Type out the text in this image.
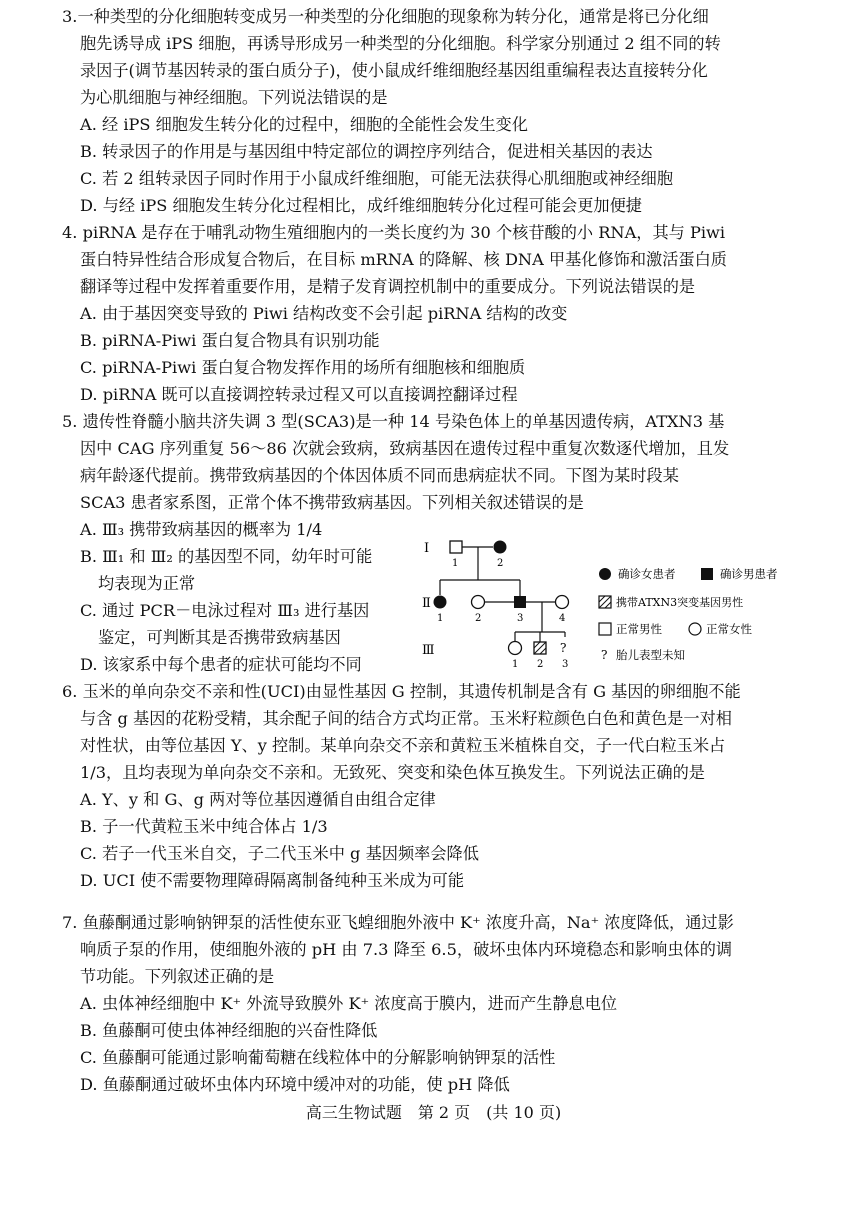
3.一种类型的分化细胞转变成另一种类型的分化细胞的现象称为转分化，通常是将已分化细
胞先诱导成 iPS 细胞，再诱导形成另一种类型的分化细胞。科学家分别通过 2 组不同的转
录因子(调节基因转录的蛋白质分子)，使小鼠成纤维细胞经基因组重编程表达直接转分化
为心肌细胞与神经细胞。下列说法错误的是
A. 经 iPS 细胞发生转分化的过程中，细胞的全能性会发生变化
B. 转录因子的作用是与基因组中特定部位的调控序列结合，促进相关基因的表达
C. 若 2 组转录因子同时作用于小鼠成纤维细胞，可能无法获得心肌细胞或神经细胞
D. 与经 iPS 细胞发生转分化过程相比，成纤维细胞转分化过程可能会更加便捷
4. piRNA 是存在于哺乳动物生殖细胞内的一类长度约为 30 个核苷酸的小 RNA，其与 Piwi
蛋白特异性结合形成复合物后，在目标 mRNA 的降解、核 DNA 甲基化修饰和激活蛋白质
翻译等过程中发挥着重要作用，是精子发育调控机制中的重要成分。下列说法错误的是
A. 由于基因突变导致的 Piwi 结构改变不会引起 piRNA 结构的改变
B. piRNA-Piwi 蛋白复合物具有识别功能
C. piRNA-Piwi 蛋白复合物发挥作用的场所有细胞核和细胞质
D. piRNA 既可以直接调控转录过程又可以直接调控翻译过程
5. 遗传性脊髓小脑共济失调 3 型(SCA3)是一种 14 号染色体上的单基因遗传病，ATXN3 基
因中 CAG 序列重复 56～86 次就会致病，致病基因在遗传过程中重复次数逐代增加，且发
病年龄逐代提前。携带致病基因的个体因体质不同而患病症状不同。下图为某时段某
SCA3 患者家系图，正常个体不携带致病基因。下列相关叙述错误的是
A. Ⅲ₃ 携带致病基因的概率为 1/4
B. Ⅲ₁ 和 Ⅲ₂ 的基因型不同，幼年时可能
均表现为正常
C. 通过 PCR－电泳过程对 Ⅲ₃ 进行基因
鉴定，可判断其是否携带致病基因
D. 该家系中每个患者的症状可能均不同
Ⅰ
Ⅱ
Ⅲ
1	2
1	2	3	4
?
1 2 3
确诊女患者	确诊男患者
携带ATXN3突变基因男性
正常男性	正常女性
? 胎儿表型未知
6. 玉米的单向杂交不亲和性(UCI)由显性基因 G 控制，其遗传机制是含有 G 基因的卵细胞不能
与含 g 基因的花粉受精，其余配子间的结合方式均正常。玉米籽粒颜色白色和黄色是一对相
对性状，由等位基因 Y、y 控制。某单向杂交不亲和黄粒玉米植株自交，子一代白粒玉米占
1/3，且均表现为单向杂交不亲和。无致死、突变和染色体互换发生。下列说法正确的是
A. Y、y 和 G、g 两对等位基因遵循自由组合定律
B. 子一代黄粒玉米中纯合体占 1/3
C. 若子一代玉米自交，子二代玉米中 g 基因频率会降低
D. UCI 使不需要物理障碍隔离制备纯种玉米成为可能
7. 鱼藤酮通过影响钠钾泵的活性使东亚飞蝗细胞外液中 K⁺ 浓度升高，Na⁺ 浓度降低，通过影
响质子泵的作用，使细胞外液的 pH 由 7.3 降至 6.5，破坏虫体内环境稳态和影响虫体的调
节功能。下列叙述正确的是
A. 虫体神经细胞中 K⁺ 外流导致膜外 K⁺ 浓度高于膜内，进而产生静息电位
B. 鱼藤酮可使虫体神经细胞的兴奋性降低
C. 鱼藤酮可能通过影响葡萄糖在线粒体中的分解影响钠钾泵的活性
D. 鱼藤酮通过破坏虫体内环境中缓冲对的功能，使 pH 降低
高三生物试题　第 2 页　(共 10 页)
